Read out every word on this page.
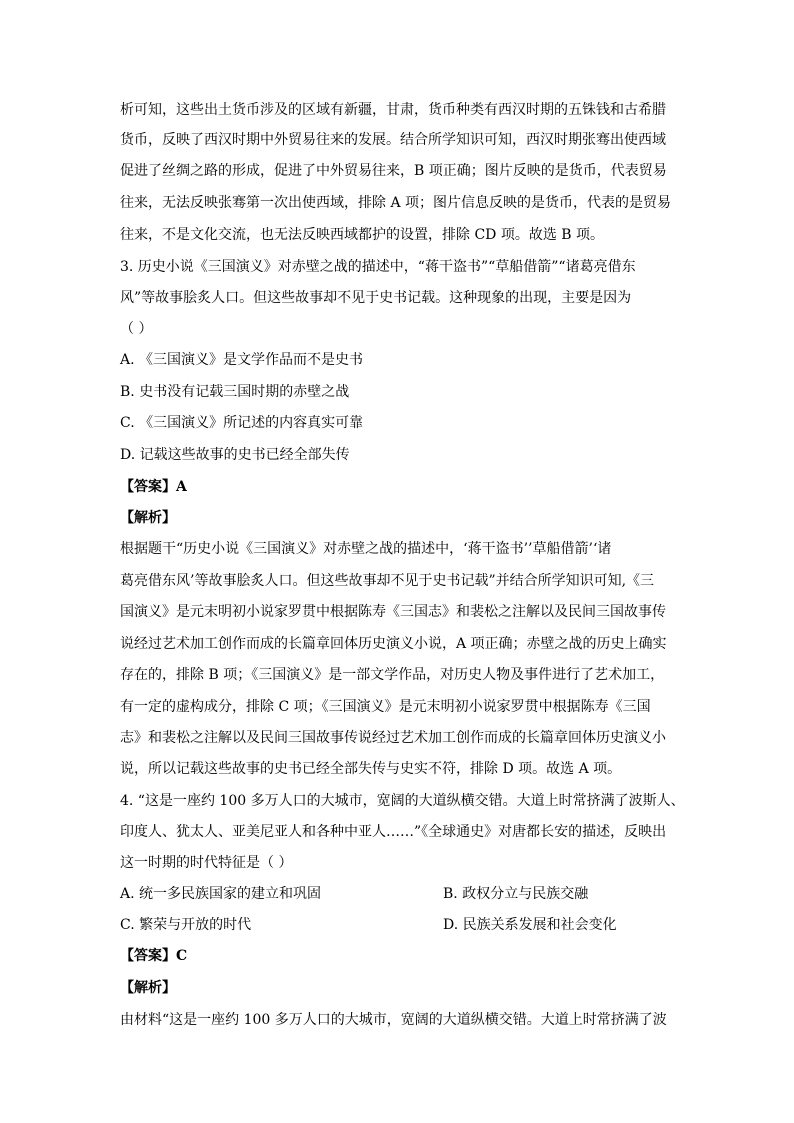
析可知，这些出土货币涉及的区域有新疆，甘肃，货币种类有西汉时期的五铢钱和古希腊
货币，反映了西汉时期中外贸易往来的发展。结合所学知识可知，西汉时期张骞出使西域
促进了丝绸之路的形成，促进了中外贸易往来，B 项正确；图片反映的是货币，代表贸易
往来，无法反映张骞第一次出使西域，排除 A 项；图片信息反映的是货币，代表的是贸易
往来，不是文化交流，也无法反映西域都护的设置，排除 CD 项。故选 B 项。
3. 历史小说《三国演义》对赤壁之战的描述中，“蒋干盗书”“草船借箭”“诸葛亮借东
风”等故事脍炙人口。但这些故事却不见于史书记载。这种现象的出现，主要是因为
（ ）
A. 《三国演义》是文学作品而不是史书
B. 史书没有记载三国时期的赤壁之战
C. 《三国演义》所记述的内容真实可靠
D. 记载这些故事的史书已经全部失传
【答案】A
【解析】
根据题干“历史小说《三国演义》对赤壁之战的描述中，‘蒋干盗书’’草船借箭’‘诸
葛亮借东风’等故事脍炙人口。但这些故事却不见于史书记载”并结合所学知识可知,《三
国演义》是元末明初小说家罗贯中根据陈寿《三国志》和裴松之注解以及民间三国故事传
说经过艺术加工创作而成的长篇章回体历史演义小说，A 项正确；赤壁之战的历史上确实
存在的，排除 B 项；《三国演义》是一部文学作品，对历史人物及事件进行了艺术加工，
有一定的虚构成分，排除 C 项；《三国演义》是元末明初小说家罗贯中根据陈寿《三国
志》和裴松之注解以及民间三国故事传说经过艺术加工创作而成的长篇章回体历史演义小
说，所以记载这些故事的史书已经全部失传与史实不符，排除 D 项。故选 A 项。
4. “这是一座约 100 多万人口的大城市，宽阔的大道纵横交错。大道上时常挤满了波斯人、
印度人、犹太人、亚美尼亚人和各种中亚人……”《全球通史》对唐都长安的描述，反映出
这一时期的时代特征是（ ）
A. 统一多民族国家的建立和巩固	B. 政权分立与民族交融
C. 繁荣与开放的时代	D. 民族关系发展和社会变化
【答案】C
【解析】
由材料“这是一座约 100 多万人口的大城市，宽阔的大道纵横交错。大道上时常挤满了波
